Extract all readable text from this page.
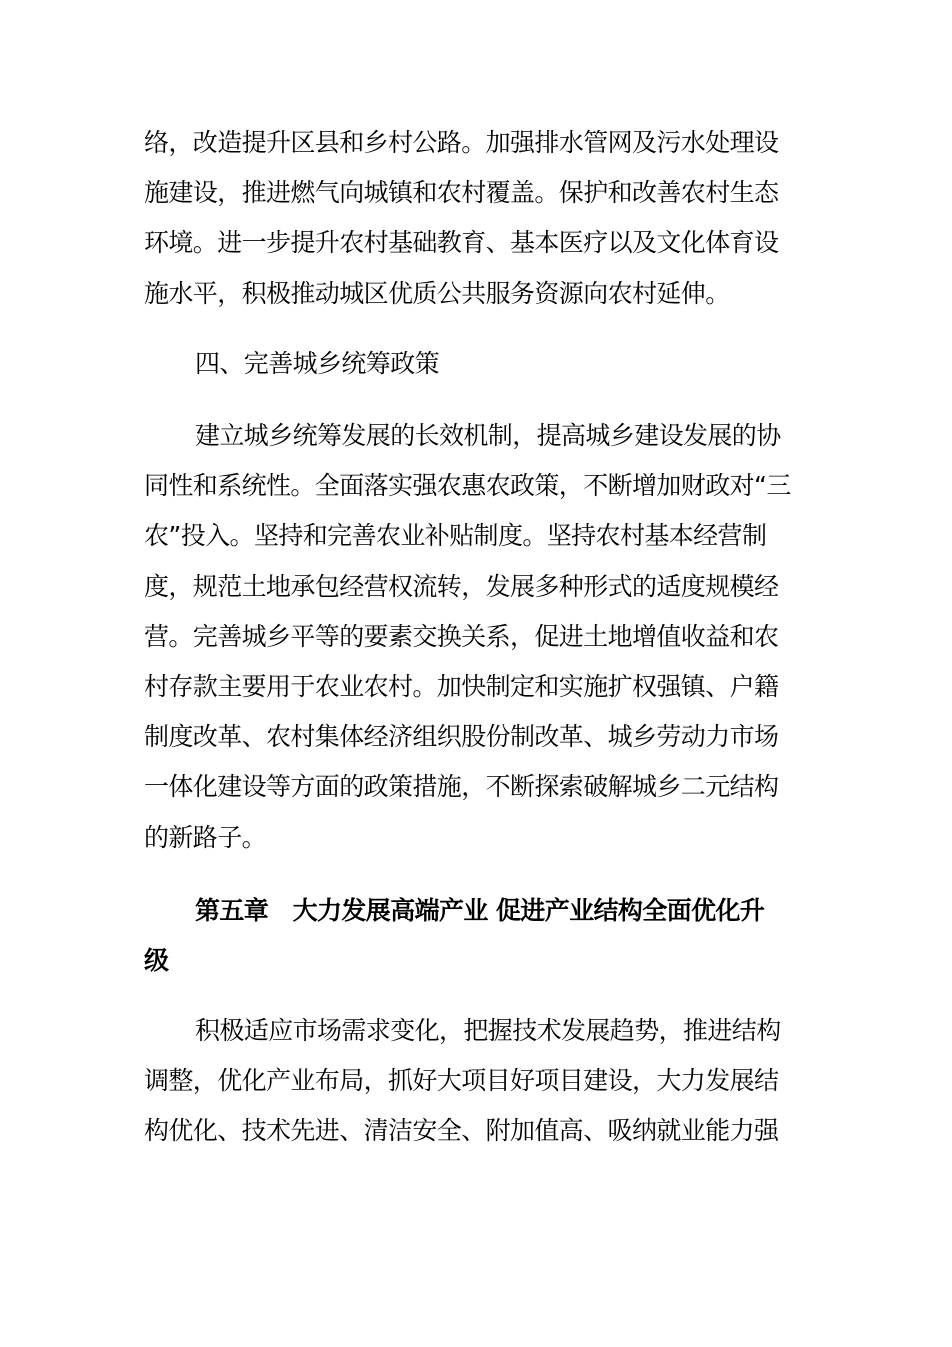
络，改造提升区县和乡村公路。加强排水管网及污水处理设
施建设，推进燃气向城镇和农村覆盖。保护和改善农村生态
环境。进一步提升农村基础教育、基本医疗以及文化体育设
施水平，积极推动城区优质公共服务资源向农村延伸。
四、完善城乡统筹政策
建立城乡统筹发展的长效机制，提高城乡建设发展的协
同性和系统性。全面落实强农惠农政策，不断增加财政对“三
农”投入。坚持和完善农业补贴制度。坚持农村基本经营制
度，规范土地承包经营权流转，发展多种形式的适度规模经
营。完善城乡平等的要素交换关系，促进土地增值收益和农
村存款主要用于农业农村。加快制定和实施扩权强镇、户籍
制度改革、农村集体经济组织股份制改革、城乡劳动力市场
一体化建设等方面的政策措施，不断探索破解城乡二元结构
的新路子。
第五章　大力发展高端产业 促进产业结构全面优化升
级
积极适应市场需求变化，把握技术发展趋势，推进结构
调整，优化产业布局，抓好大项目好项目建设，大力发展结
构优化、技术先进、清洁安全、附加值高、吸纳就业能力强
